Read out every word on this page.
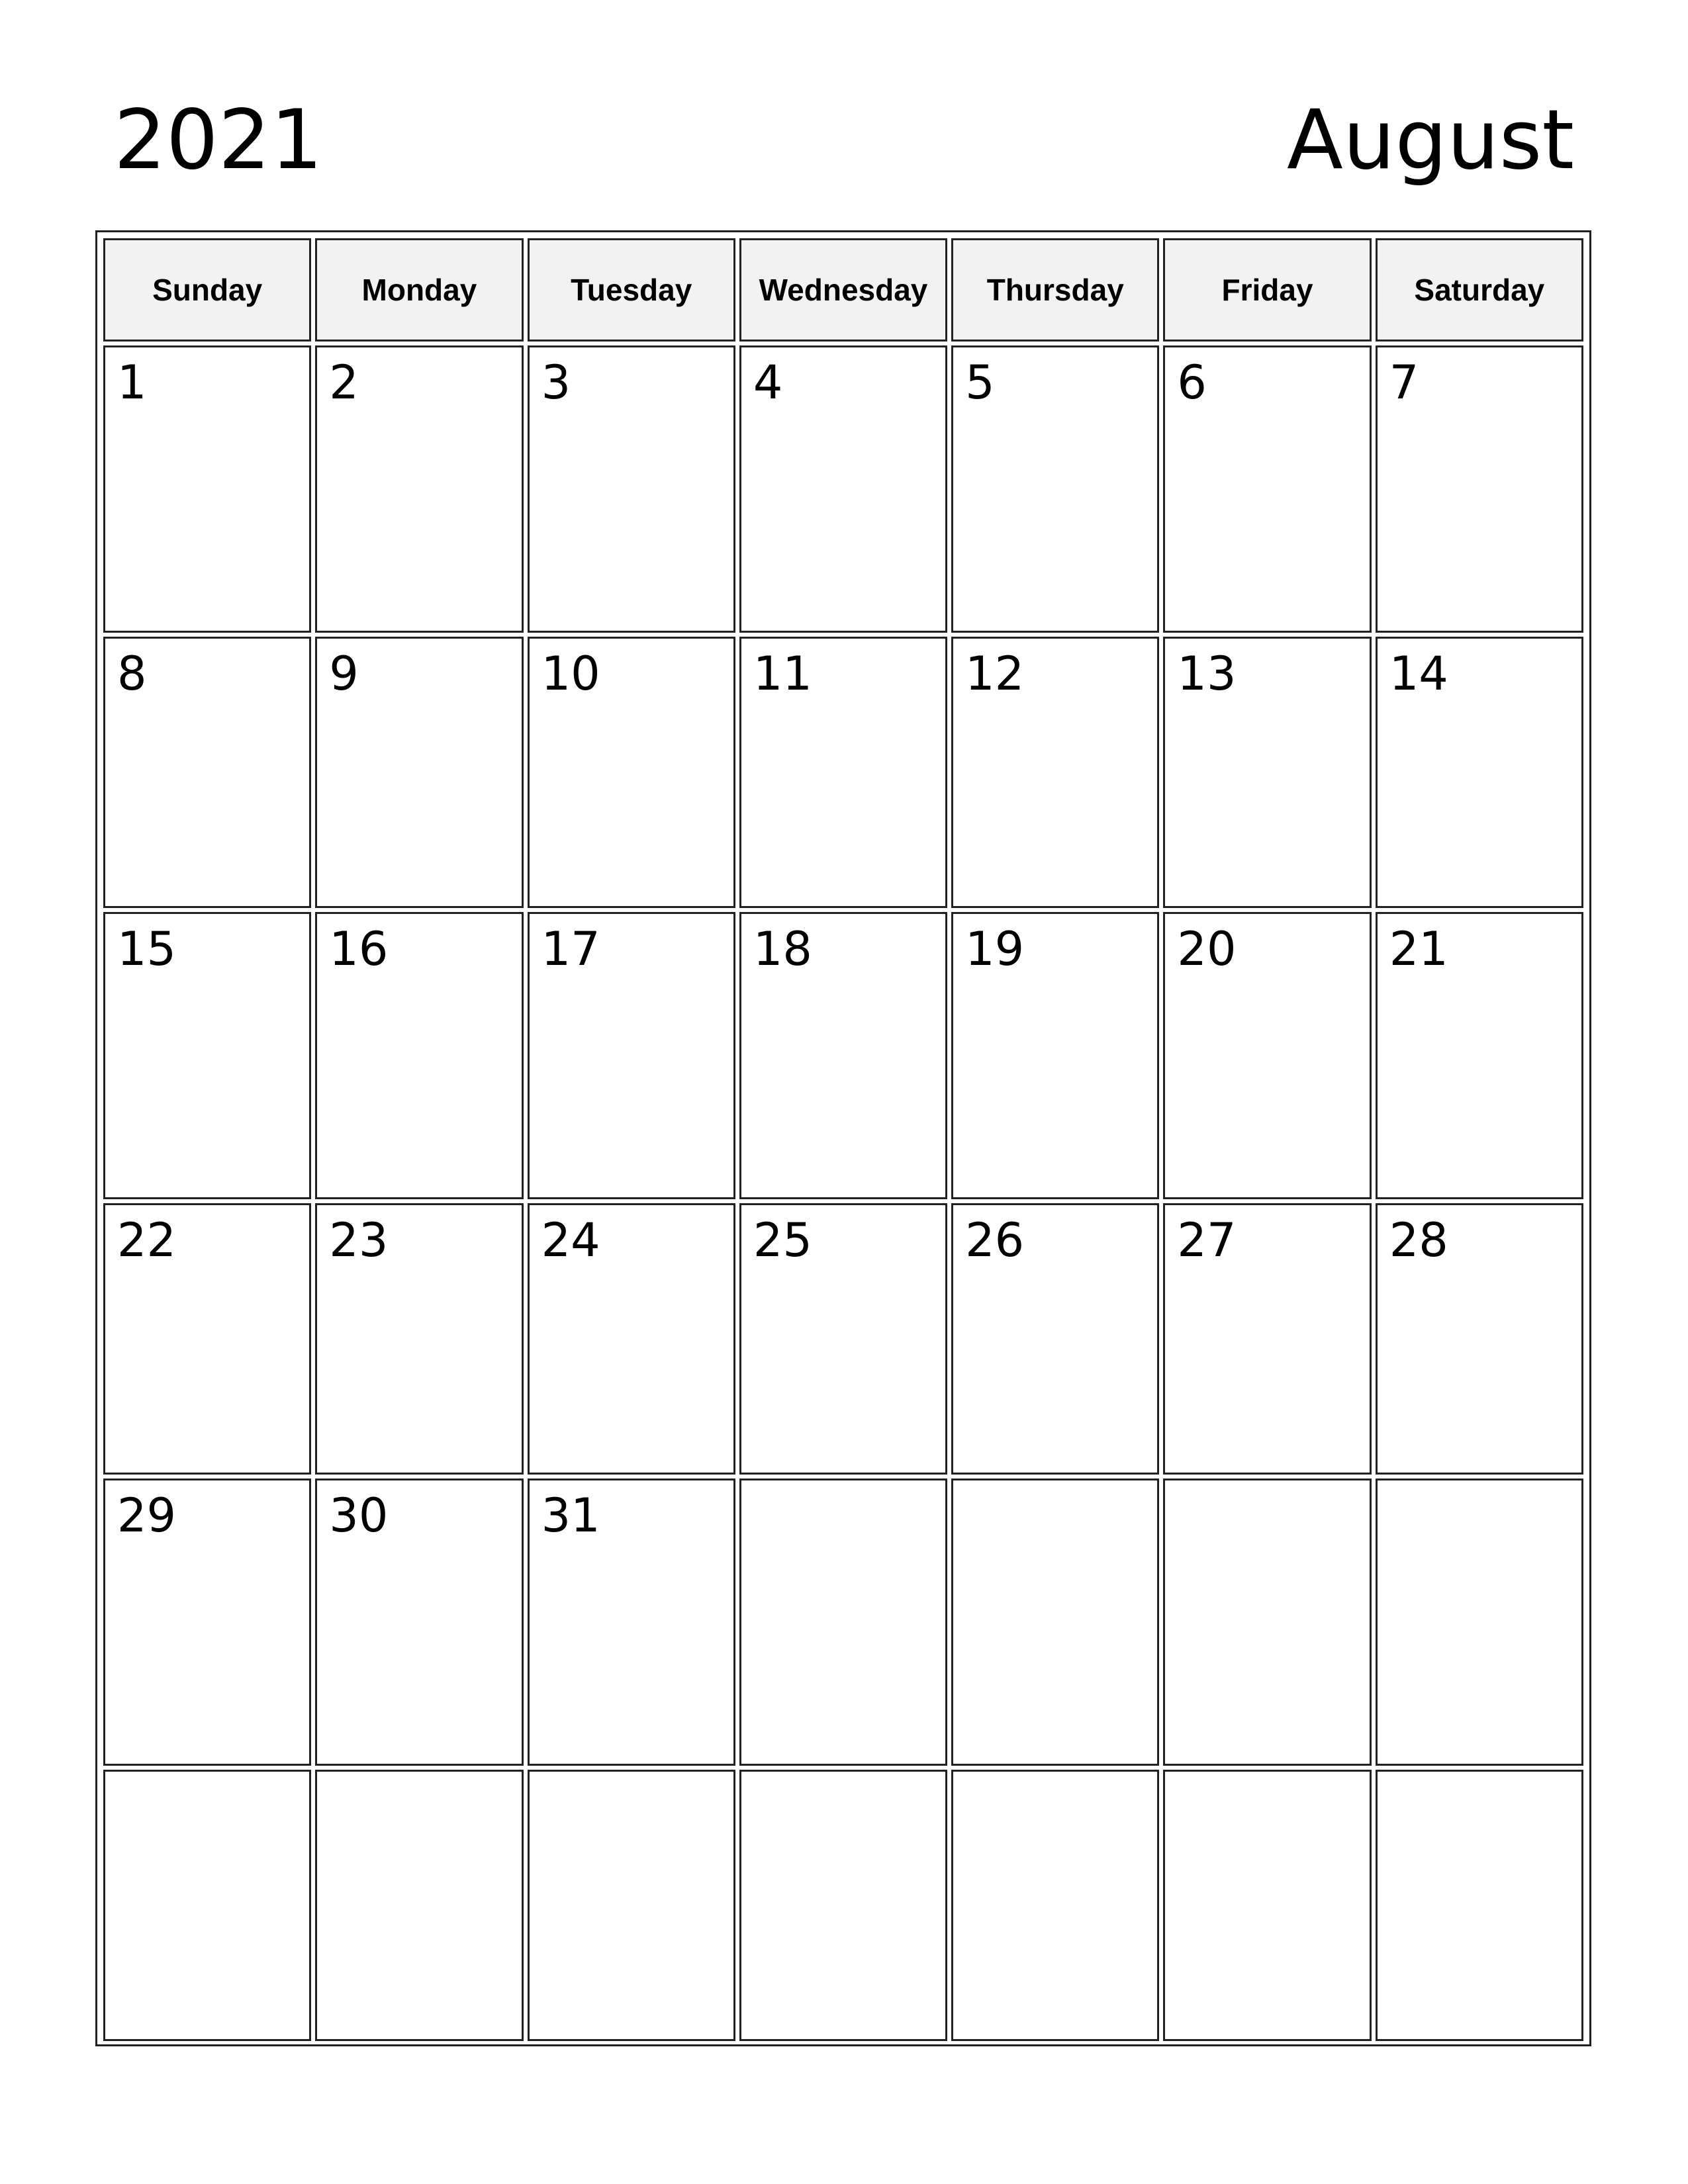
2021	August
Sunday	Monday	Tuesday	Wednesday	Thursday	Friday	Saturday

1	2	3	4	5	6	7

8	9	10	11	12	13	14

15	16	17	18	19	20	21

22	23	24	25	26	27	28

29	30	31				
